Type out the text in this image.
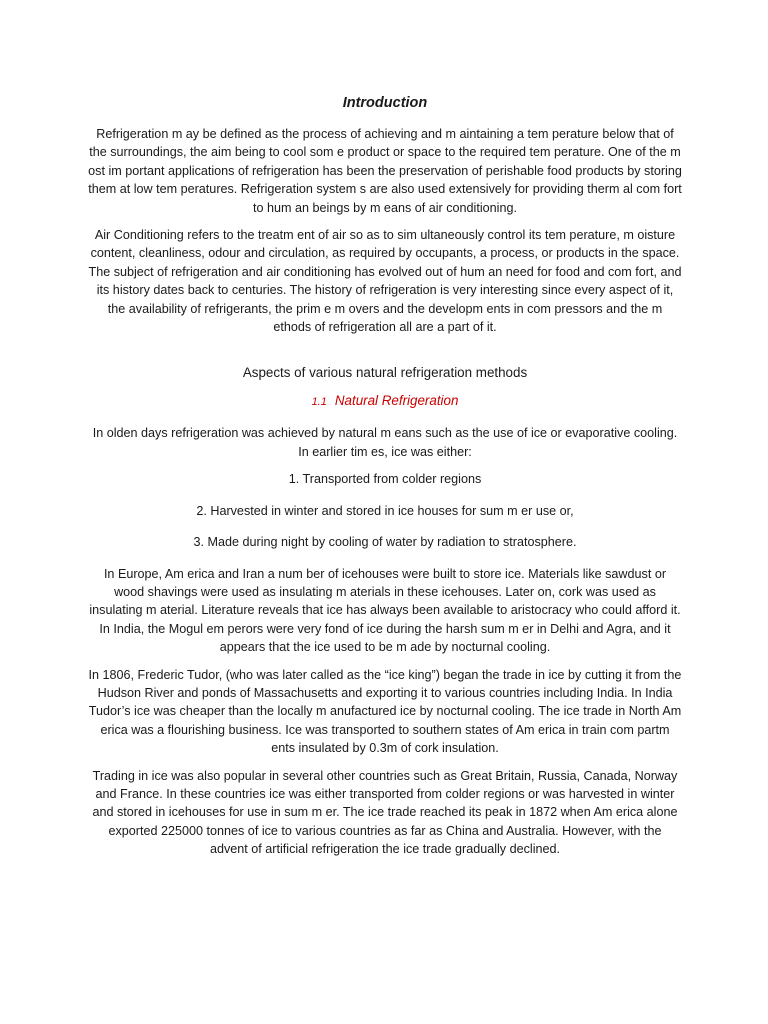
Introduction

Refrigeration m ay be defined as the process of achieving and m aintaining a tem perature below that of the surroundings, the aim being to cool som e product or space to the required tem perature. One of the m ost im portant applications of refrigeration has been the preservation of perishable food products by storing them at low tem peratures. Refrigeration system s are also used extensively for providing therm al com fort to hum an beings by m eans of air conditioning.

Air Conditioning refers to the treatm ent of air so as to sim ultaneously control its tem perature, m oisture content, cleanliness, odour and circulation, as required by occupants, a process, or products in the space. The subject of refrigeration and air conditioning has evolved out of hum an need for food and com fort, and its history dates back to centuries. The history of refrigeration is very interesting since every aspect of it, the availability of refrigerants, the prim e m overs and the developm ents in com pressors and the m ethods of refrigeration all are a part of it.

Aspects of various natural refrigeration methods
1.1 Natural Refrigeration

In olden days refrigeration was achieved by natural m eans such as the use of ice or evaporative cooling. In earlier tim es, ice was either:

1. Transported from colder regions
2. Harvested in winter and stored in ice houses for sum m er use or,
3. Made during night by cooling of water by radiation to stratosphere.

In Europe, Am erica and Iran a num ber of icehouses were built to store ice. Materials like sawdust or wood shavings were used as insulating m aterials in these icehouses. Later on, cork was used as insulating m aterial. Literature reveals that ice has always been available to aristocracy who could afford it. In India, the Mogul em perors were very fond of ice during the harsh sum m er in Delhi and Agra, and it appears that the ice used to be m ade by nocturnal cooling.

In 1806, Frederic Tudor, (who was later called as the “ice king”) began the trade in ice by cutting it from the Hudson River and ponds of Massachusetts and exporting it to various countries including India. In India Tudor’s ice was cheaper than the locally m anufactured ice by nocturnal cooling. The ice trade in North Am erica was a flourishing business. Ice was transported to southern states of Am erica in train com partm ents insulated by 0.3m of cork insulation.

Trading in ice was also popular in several other countries such as Great Britain, Russia, Canada, Norway and France. In these countries ice was either transported from colder regions or was harvested in winter and stored in icehouses for use in sum m er. The ice trade reached its peak in 1872 when Am erica alone exported 225000 tonnes of ice to various countries as far as China and Australia. However, with the advent of artificial refrigeration the ice trade gradually declined.
